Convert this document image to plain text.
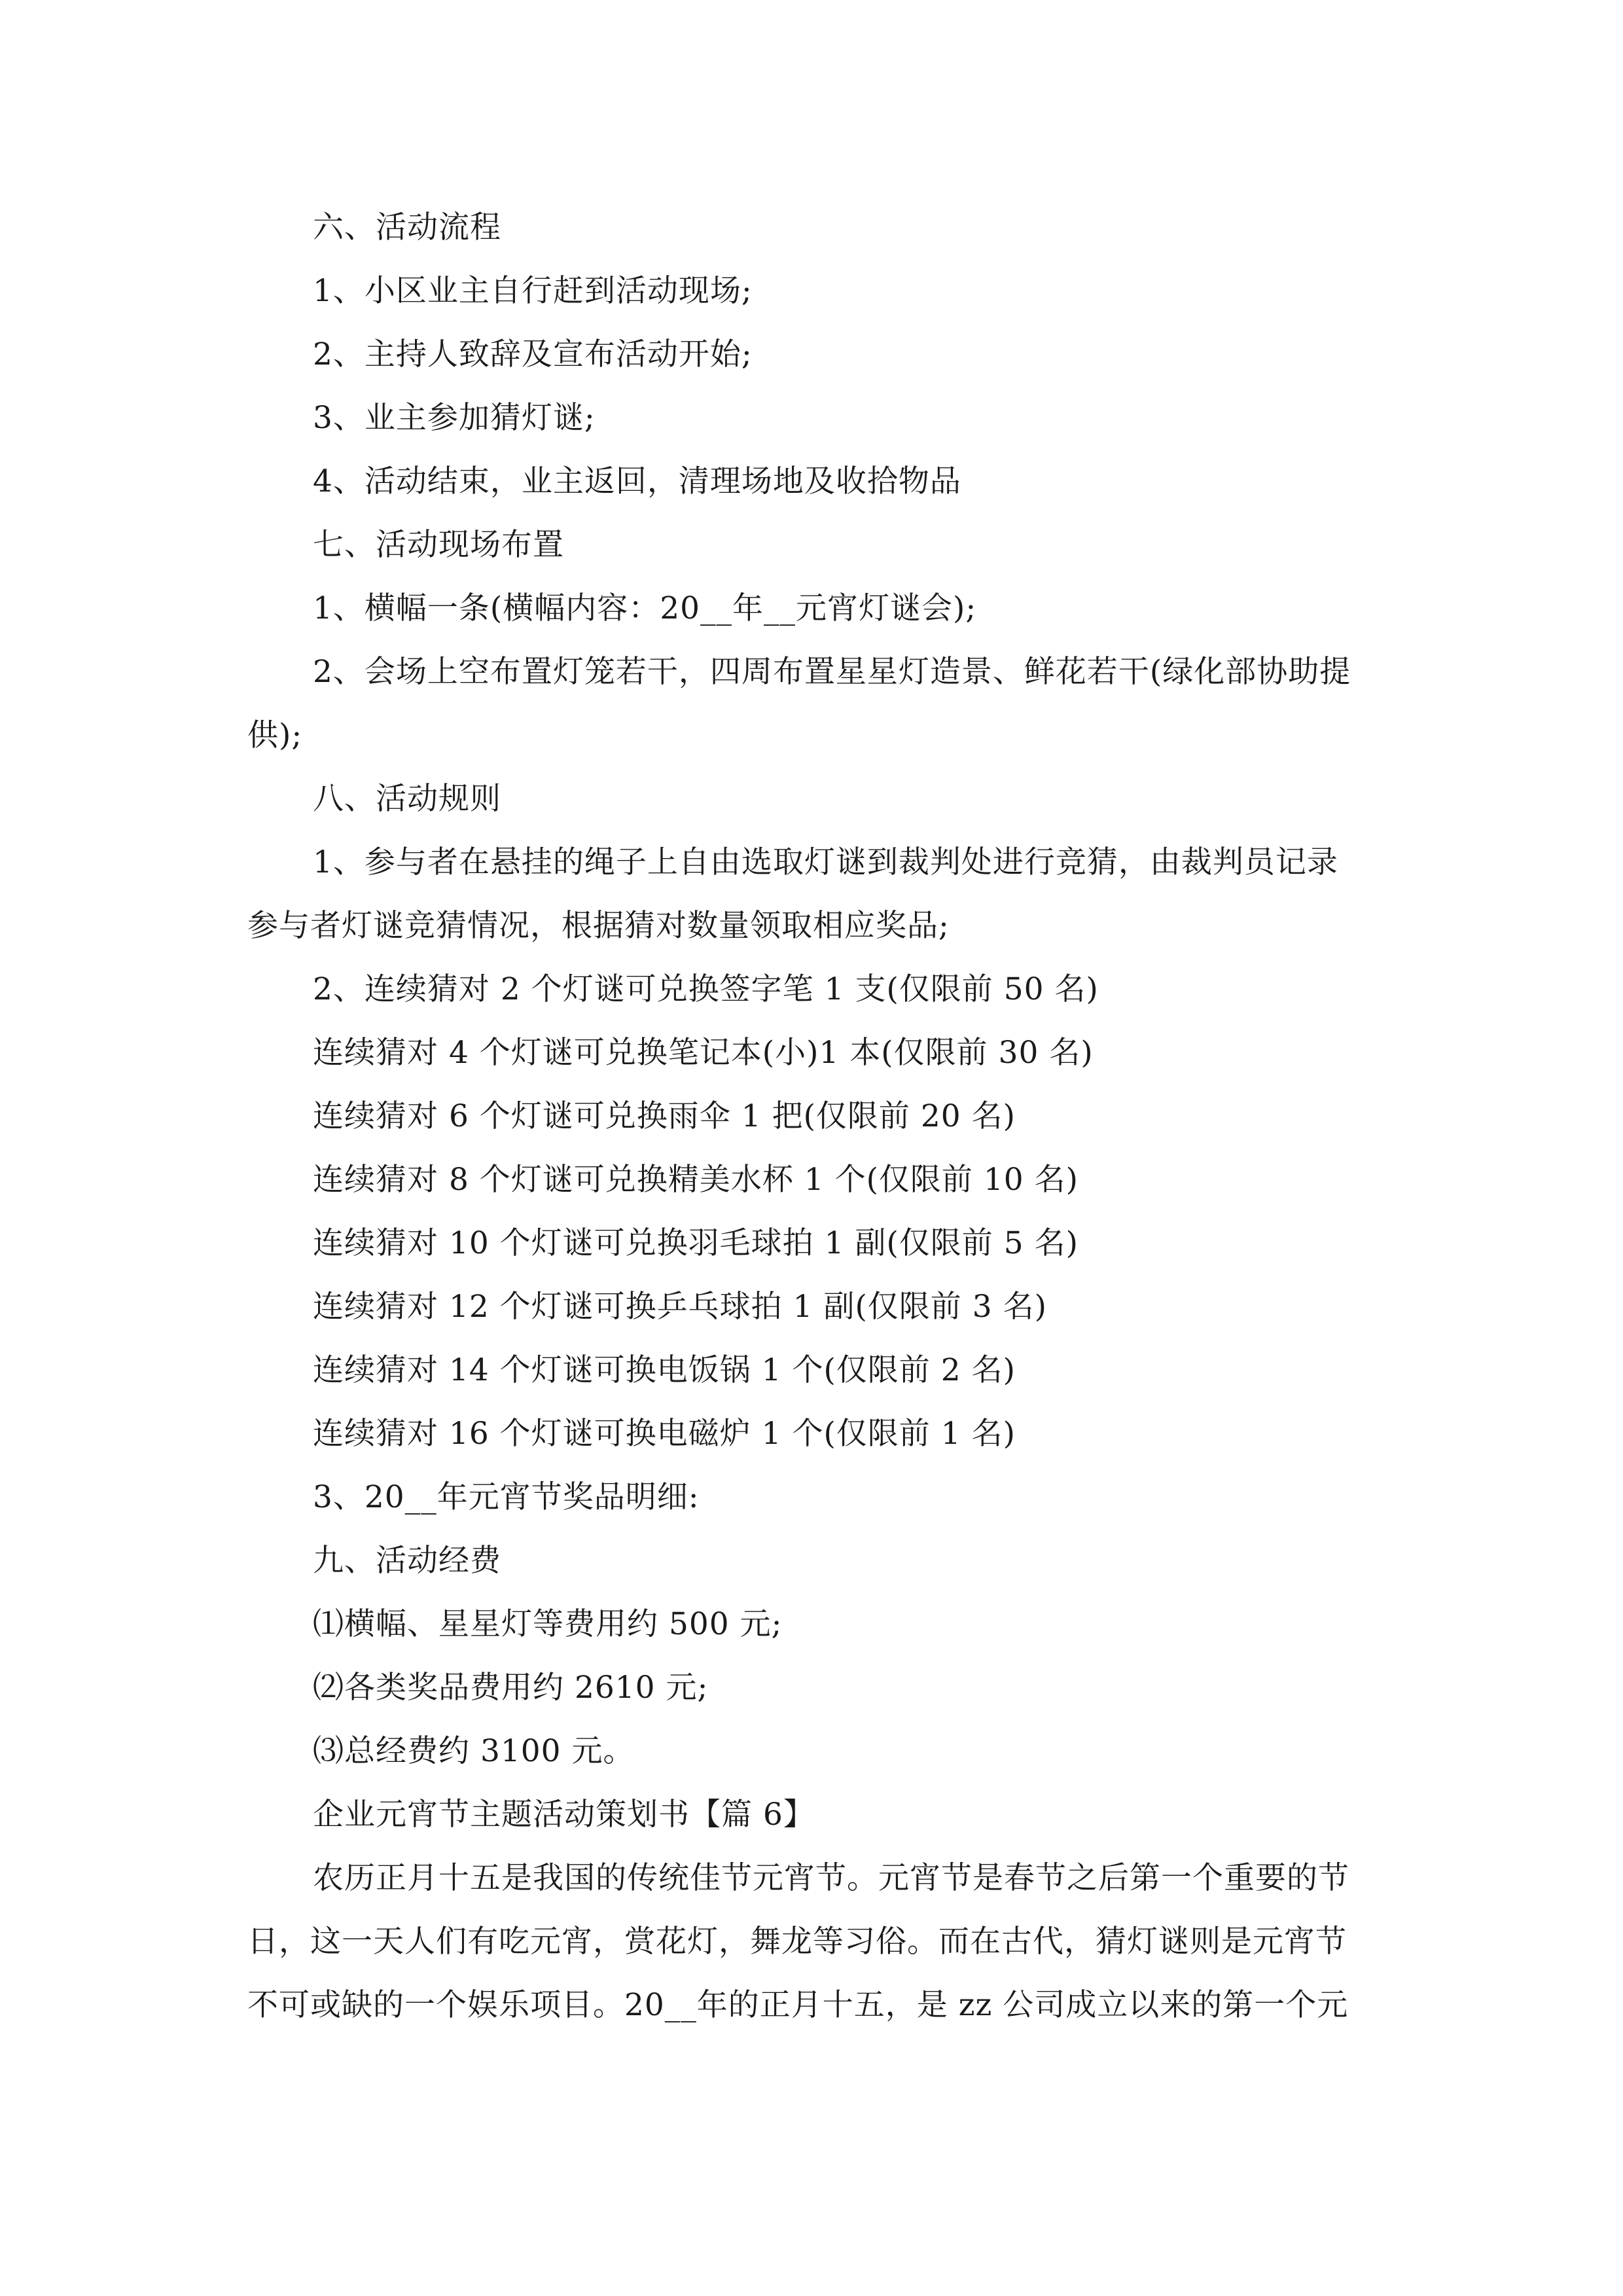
六、活动流程
1、小区业主自行赶到活动现场;
2、主持人致辞及宣布活动开始;
3、业主参加猜灯谜;
4、活动结束，业主返回，清理场地及收拾物品
七、活动现场布置
1、横幅一条(横幅内容：20__年__元宵灯谜会);
2、会场上空布置灯笼若干，四周布置星星灯造景、鲜花若干(绿化部协助提
供);
八、活动规则
1、参与者在悬挂的绳子上自由选取灯谜到裁判处进行竞猜，由裁判员记录
参与者灯谜竞猜情况，根据猜对数量领取相应奖品;
2、连续猜对 2 个灯谜可兑换签字笔 1 支(仅限前 50 名)
连续猜对 4 个灯谜可兑换笔记本(小)1 本(仅限前 30 名)
连续猜对 6 个灯谜可兑换雨伞 1 把(仅限前 20 名)
连续猜对 8 个灯谜可兑换精美水杯 1 个(仅限前 10 名)
连续猜对 10 个灯谜可兑换羽毛球拍 1 副(仅限前 5 名)
连续猜对 12 个灯谜可换乒乓球拍 1 副(仅限前 3 名)
连续猜对 14 个灯谜可换电饭锅 1 个(仅限前 2 名)
连续猜对 16 个灯谜可换电磁炉 1 个(仅限前 1 名)
3、20__年元宵节奖品明细:
九、活动经费
⑴横幅、星星灯等费用约 500 元;
⑵各类奖品费用约 2610 元;
⑶总经费约 3100 元。
企业元宵节主题活动策划书【篇 6】
农历正月十五是我国的传统佳节元宵节。元宵节是春节之后第一个重要的节
日，这一天人们有吃元宵，赏花灯，舞龙等习俗。而在古代，猜灯谜则是元宵节
不可或缺的一个娱乐项目。20__年的正月十五，是 zz 公司成立以来的第一个元
